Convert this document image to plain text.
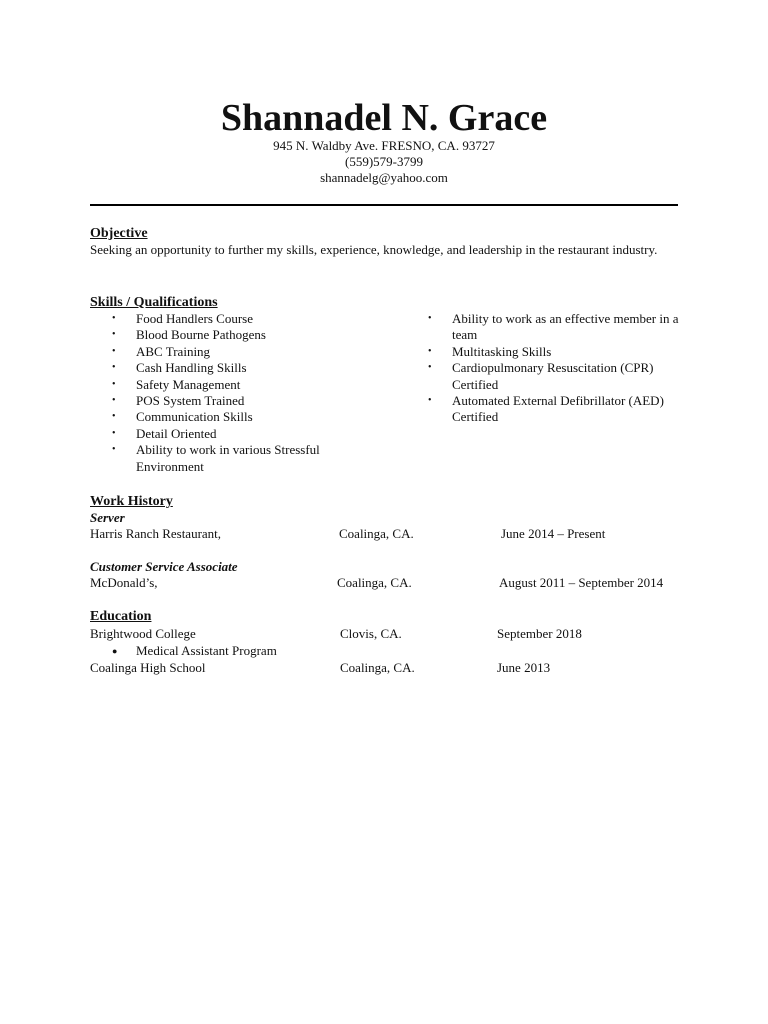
Shannadel N. Grace
945 N. Waldby Ave. FRESNO, CA. 93727
(559)579-3799
shannadelg@yahoo.com
Objective
Seeking an opportunity to further my skills, experience, knowledge, and leadership in the restaurant industry.
Skills / Qualifications
• Food Handlers Course
• Blood Bourne Pathogens
• ABC Training
• Cash Handling Skills
• Safety Management
• POS System Trained
• Communication Skills
• Detail Oriented
• Ability to work in various Stressful Environment
• Ability to work as an effective member in a team
• Multitasking Skills
• Cardiopulmonary Resuscitation (CPR) Certified
• Automated External Defibrillator (AED) Certified
Work History
Server
Harris Ranch Restaurant,	Coalinga, CA.	June 2014 – Present
Customer Service Associate
McDonald’s,	Coalinga, CA.	August 2011 – September 2014
Education
Brightwood College	Clovis, CA.	September 2018
● Medical Assistant Program
Coalinga High School	Coalinga, CA.	June 2013
